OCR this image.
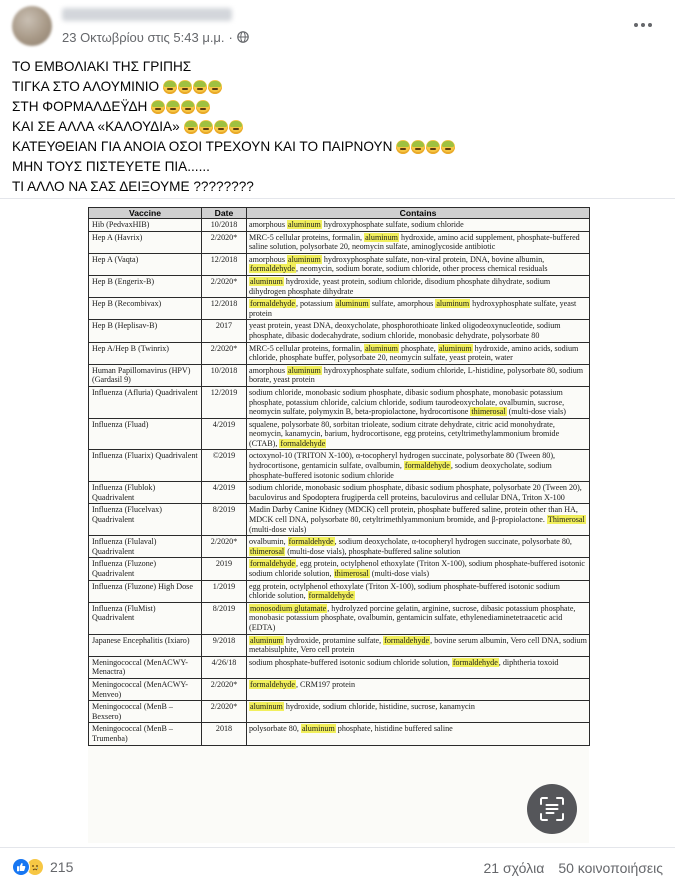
23 Οκτωβρίου στις 5:43 μ.μ. ·
ΤΟ ΕΜΒΟΛΙΑΚΙ ΤΗΣ ΓΡΙΠΗΣ
ΤΙΓΚΑ ΣΤΟ ΑΛΟΥΜΙΝΙΟ
ΣΤΗ ΦΟΡΜΑΛΔΕΫΔΗ
ΚΑΙ ΣΕ ΑΛΛΑ «ΚΑΛΟΥΔΙΑ»
ΚΑΤΕΥΘΕΙΑΝ ΓΙΑ ΑΝΟΙΑ ΟΣΟΙ ΤΡΕΧΟΥΝ ΚΑΙ ΤΟ ΠΑΙΡΝΟΥΝ
ΜΗΝ ΤΟΥΣ ΠΙΣΤΕΥΕΤΕ ΠΙΑ......
ΤΙ ΑΛΛΟ ΝΑ ΣΑΣ ΔΕΙΞΟΥΜΕ ????????
Vaccine	Date	Contains
Hib (PedvaxHIB)	10/2018	amorphous aluminum hydroxyphosphate sulfate, sodium chloride
Hep A (Havrix)	2/2020*	MRC-5 cellular proteins, formalin, aluminum hydroxide, amino acid supplement, phosphate-buffered saline solution, polysorbate 20, neomycin sulfate, aminoglycoside antibiotic
Hep A (Vaqta)	12/2018	amorphous aluminum hydroxyphosphate sulfate, non-viral protein, DNA, bovine albumin, formaldehyde, neomycin, sodium borate, sodium chloride, other process chemical residuals
Hep B (Engerix-B)	2/2020*	aluminum hydroxide, yeast protein, sodium chloride, disodium phosphate dihydrate, sodium dihydrogen phosphate dihydrate
Hep B (Recombivax)	12/2018	formaldehyde, potassium aluminum sulfate, amorphous aluminum hydroxyphosphate sulfate, yeast protein
Hep B (Heplisav-B)	2017	yeast protein, yeast DNA, deoxycholate, phosphorothioate linked oligodeoxynucleotide, sodium phosphate, dibasic dodecahydrate, sodium chloride, monobasic dehydrate, polysorbate 80
Hep A/Hep B (Twinrix)	2/2020*	MRC-5 cellular proteins, formalin, aluminum phosphate, aluminum hydroxide, amino acids, sodium chloride, phosphate buffer, polysorbate 20, neomycin sulfate, yeast protein, water
Human Papillomavirus (HPV) (Gardasil 9)	10/2018	amorphous aluminum hydroxyphosphate sulfate, sodium chloride, L-histidine, polysorbate 80, sodium borate, yeast protein
Influenza (Afluria) Quadrivalent	12/2019	sodium chloride, monobasic sodium phosphate, dibasic sodium phosphate, monobasic potassium phosphate, potassium chloride, calcium chloride, sodium taurodeoxycholate, ovalbumin, sucrose, neomycin sulfate, polymyxin B, beta-propiolactone, hydrocortisone thimerosal (multi-dose vials)
Influenza (Fluad)	4/2019	squalene, polysorbate 80, sorbitan trioleate, sodium citrate dehydrate, citric acid monohydrate, neomycin, kanamycin, barium, hydrocortisone, egg proteins, cetyltrimethylammonium bromide (CTAB), formaldehyde
Influenza (Fluarix) Quadrivalent	©2019	octoxynol-10 (TRITON X-100), α-tocopheryl hydrogen succinate, polysorbate 80 (Tween 80), hydrocortisone, gentamicin sulfate, ovalbumin, formaldehyde, sodium deoxycholate, sodium phosphate-buffered isotonic sodium chloride
Influenza (Flublok) Quadrivalent	4/2019	sodium chloride, monobasic sodium phosphate, dibasic sodium phosphate, polysorbate 20 (Tween 20), baculovirus and Spodoptera frugiperda cell proteins, baculovirus and cellular DNA, Triton X-100
Influenza (Flucelvax) Quadrivalent	8/2019	Madin Darby Canine Kidney (MDCK) cell protein, phosphate buffered saline, protein other than HA, MDCK cell DNA, polysorbate 80, cetyltrimethlyammonium bromide, and β-propiolactone. Thimerosal (multi-dose vials)
Influenza (Flulaval) Quadrivalent	2/2020*	ovalbumin, formaldehyde, sodium deoxycholate, α-tocopheryl hydrogen succinate, polysorbate 80, thimerosal (multi-dose vials), phosphate-buffered saline solution
Influenza (Fluzone) Quadrivalent	2019	formaldehyde, egg protein, octylphenol ethoxylate (Triton X-100), sodium phosphate-buffered isotonic sodium chloride solution, thimerosal (multi-dose vials)
Influenza (Fluzone) High Dose	1/2019	egg protein, octylphenol ethoxylate (Triton X-100), sodium phosphate-buffered isotonic sodium chloride solution, formaldehyde
Influenza (FluMist) Quadrivalent	8/2019	monosodium glutamate, hydrolyzed porcine gelatin, arginine, sucrose, dibasic potassium phosphate, monobasic potassium phosphate, ovalbumin, gentamicin sulfate, ethylenediaminetetraacetic acid (EDTA)
Japanese Encephalitis (Ixiaro)	9/2018	aluminum hydroxide, protamine sulfate, formaldehyde, bovine serum albumin, Vero cell DNA, sodium metabisulphite, Vero cell protein
Meningococcal (MenACWY-Menactra)	4/26/18	sodium phosphate-buffered isotonic sodium chloride solution, formaldehyde, diphtheria toxoid
Meningococcal (MenACWY-Menveo)	2/2020*	formaldehyde, CRM197 protein
Meningococcal (MenB – Bexsero)	2/2020*	aluminum hydroxide, sodium chloride, histidine, sucrose, kanamycin
Meningococcal (MenB – Trumenba)	2018	polysorbate 80, aluminum phosphate, histidine buffered saline
215	21 σχόλια 50 κοινοποιήσεις
